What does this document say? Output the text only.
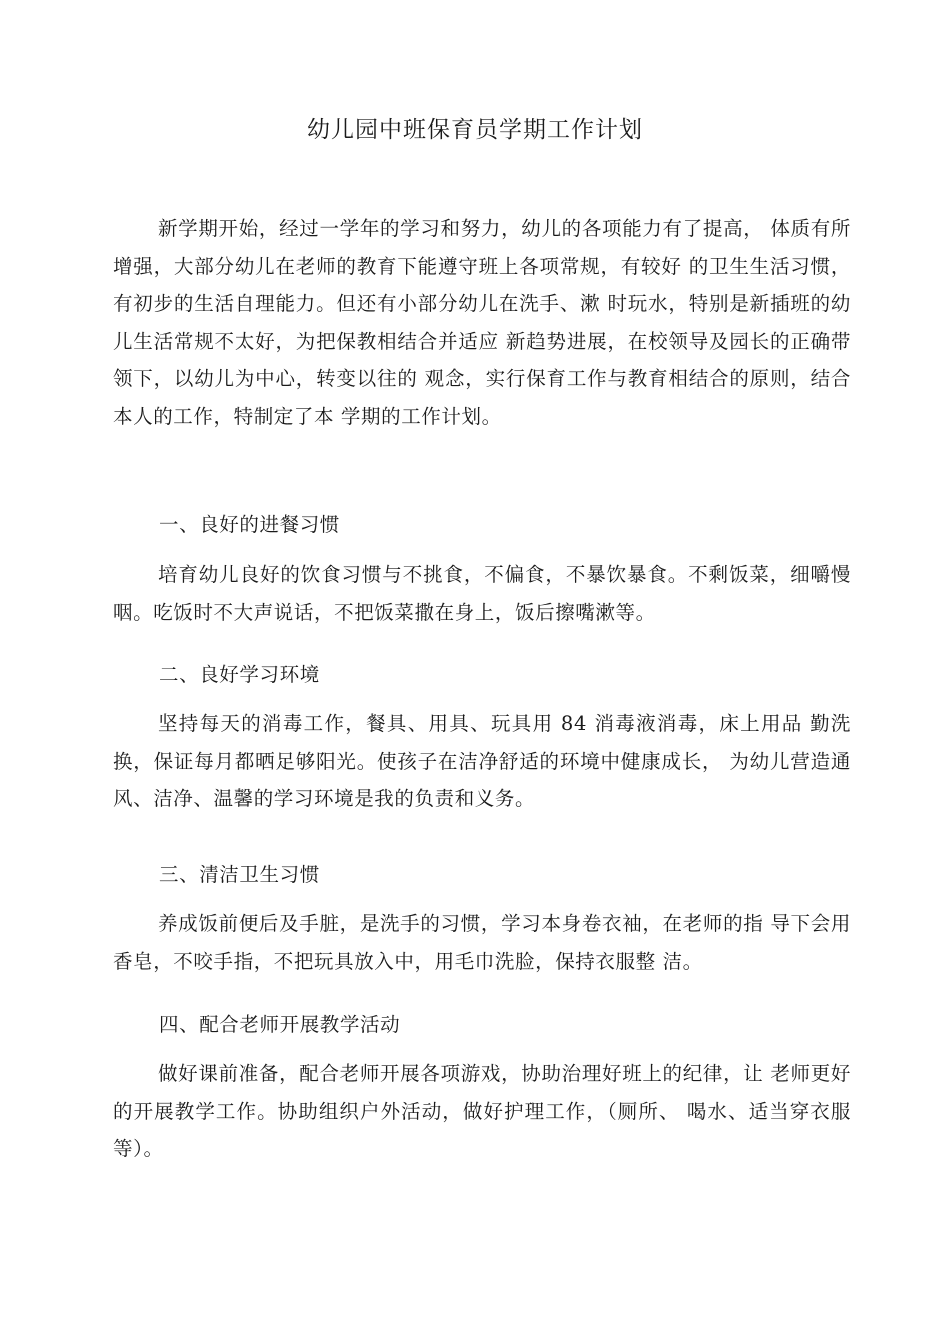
幼儿园中班保育员学期工作计划

新学期开始，经过一学年的学习和努力，幼儿的各项能力有了提高， 体质有所增强，大部分幼儿在老师的教育下能遵守班上各项常规，有较好 的卫生生活习惯，有初步的生活自理能力。但还有小部分幼儿在洗手、漱 时玩水，特别是新插班的幼儿生活常规不太好，为把保教相结合并适应 新趋势进展，在校领导及园长的正确带领下，以幼儿为中心，转变以往的 观念，实行保育工作与教育相结合的原则，结合本人的工作，特制定了本 学期的工作计划。

一、良好的进餐习惯

培育幼儿良好的饮食习惯与不挑食，不偏食，不暴饮暴食。不剩饭菜，细嚼慢咽。吃饭时不大声说话，不把饭菜撒在身上，饭后擦嘴漱等。

二、良好学习环境

坚持每天的消毒工作，餐具、用具、玩具用 84 消毒液消毒，床上用品 勤洗换，保证每月都晒足够阳光。使孩子在洁净舒适的环境中健康成长， 为幼儿营造通风、洁净、温馨的学习环境是我的负责和义务。

三、清洁卫生习惯

养成饭前便后及手脏，是洗手的习惯，学习本身卷衣袖，在老师的指 导下会用香皂，不咬手指，不把玩具放入中，用毛巾洗脸，保持衣服整 洁。

四、配合老师开展教学活动

做好课前准备，配合老师开展各项游戏，协助治理好班上的纪律，让 老师更好的开展教学工作。协助组织户外活动，做好护理工作，（厕所、 喝水、适当穿衣服等）。
